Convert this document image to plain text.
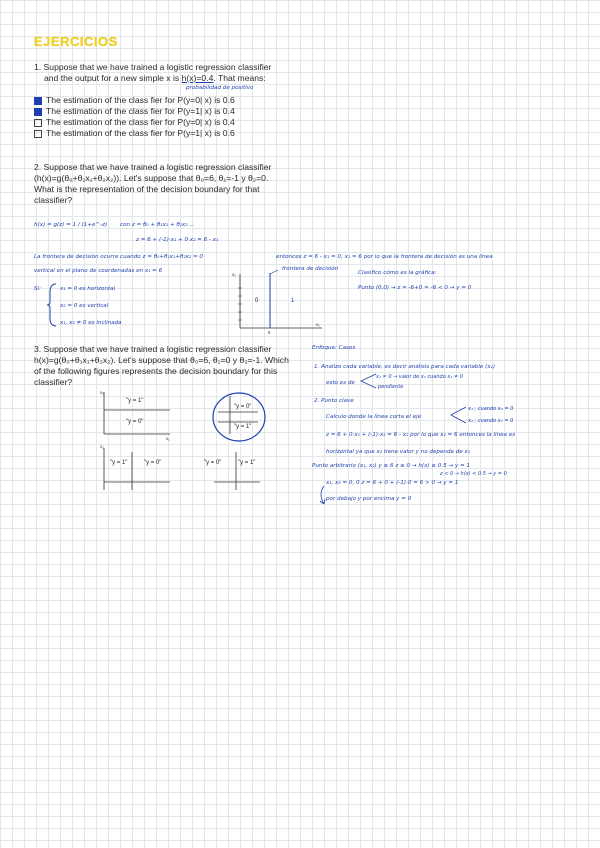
EJERCICIOS
1. Suppose that we have trained a logistic regression classifier
and the output for a new simple x is h(x)=0.4. That means:
probabilidad de positivo
The estimation of the class fier for P(y=0| x) is 0.6
The estimation of the class fier for P(y=1| x) is 0.4
The estimation of the class fier for P(y=0| x) is 0.4
The estimation of the class fier for P(y=1| x) is 0.6
2. Suppose that we have trained a logistic regression classifier
(h(x)=g(θ₀+θ₁x₁+θ₂x₂)). Let's suppose that θ₀=6, θ₁=-1 y θ₂=0.
What is the representation of the decision boundary for that
classifier?
h(x) = g(z) = 1 / (1+e^-z) con z = θ₀ + θ₁x₁ + θ₂x₂ ...
z = 6 + (-1)·x₁ + 0·x₂ = 6 - x₁
La frontera de decisión ocurre cuando z = θ₀+θ₁x₁+θ₂x₂ = 0	entonces z = 6 - x₁ = 0, x₁ = 6 por lo que la frontera de decisión es una línea
vertical en el plano de coordenadas en x₁ = 6	frontera de decisión
Clasifico cómo es la gráfica:
Punto (0,0) → z = -6+0 = -6 < 0 → y = 0
Si:	x₁ = 0 es horizontal
x₂ = 0 es vertical
x₁, x₂ ≠ 0 es inclinada
0	1
x₁
x₂
6
3. Suppose that we have trained a logistic regression classifier
h(x)=g(θ₀+θ₁x₁+θ₂x₂). Let's suppose that θ₀=6, θ₁=0 y θ₂=-1. Which
of the following figures represents the decision boundary for this
classifier?
"y = 1"
"y = 0"
x₂
x₁
"y = 0"
"y = 1"
"y = 1"	"y = 0"
x₂
"y = 0"	"y = 1"
Enfoque: Casos
1. Analizo cada variable, es decir análisis para cada variable (x₁)
x₁ ≠ 0 → valor de x₁ cuando x₁ ≠ 0
esto es de
pendiente
2. Punto clave
Calculo donde la línea corta el eje
x₁ ; cuando x₂ = 0
x₂ ; cuando x₁ = 0
z = 6 + 0·x₁ + (-1)·x₂ = 6 - x₂ por lo que x₂ = 6 entonces la línea es
horizontal ya que x₂ tiene valor y no depende de x₁
Punto arbitrario (x₁, x₂) y ≤ 6 z ≥ 0 → h(x) ≥ 0.5 → y = 1
z < 0 → h(x) < 0.5 → y = 0
x₁, x₂ = 0, 0 z = 6 + 0 + (-1)·0 = 6 > 0 → y = 1
por debajo y por encima y = 0
